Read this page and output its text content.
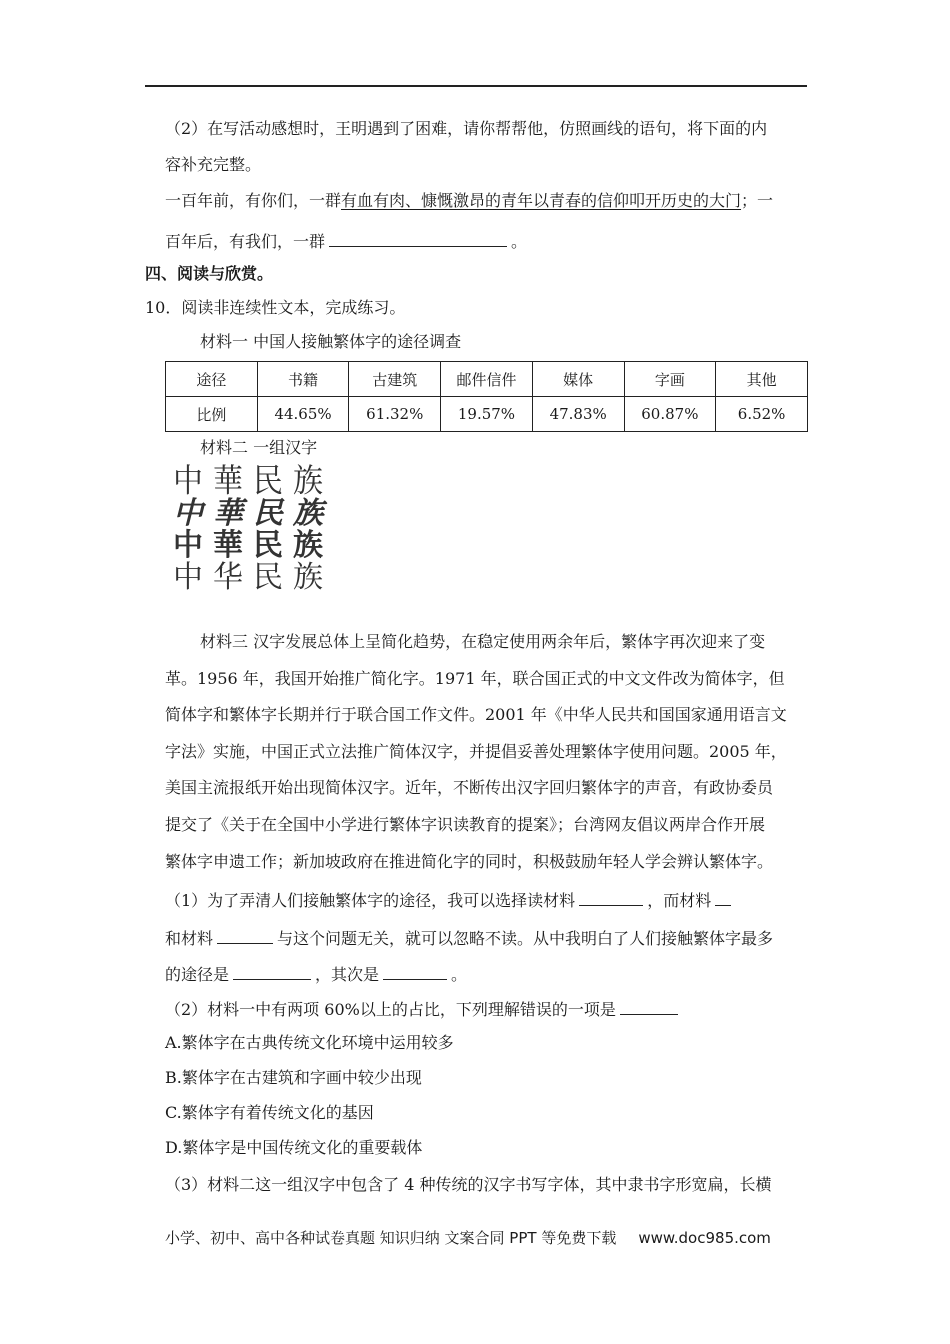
（2）在写活动感想时，王明遇到了困难，请你帮帮他，仿照画线的语句，将下面的内
容补充完整。
一百年前，有你们，一群有血有肉、慷慨激昂的青年以青春的信仰叩开历史的大门；一
百年后，有我们，一群	。
四、阅读与欣赏。
10．阅读非连续性文本，完成练习。
材料一 中国人接触繁体字的途径调查
途径	书籍	古建筑	邮件信件	媒体	字画	其他
比例	44.65%	61.32%	19.57%	47.83%	60.87%	6.52%
材料二 一组汉字
中 華 民 族
中 華 民 族
中 華 民 族
中 华 民 族
材料三 汉字发展总体上呈简化趋势，在稳定使用两余年后，繁体字再次迎来了变
革。1956 年，我国开始推广简化字。1971 年，联合国正式的中文文件改为简体字，但
简体字和繁体字长期并行于联合国工作文件。2001 年《中华人民共和国国家通用语言文
字法》实施，中国正式立法推广简体汉字，并提倡妥善处理繁体字使用问题。2005 年，
美国主流报纸开始出现简体汉字。近年，不断传出汉字回归繁体字的声音，有政协委员
提交了《关于在全国中小学进行繁体字识读教育的提案》；台湾网友倡议两岸合作开展
繁体字申遗工作；新加坡政府在推进简化字的同时，积极鼓励年轻人学会辨认繁体字。
（1）为了弄清人们接触繁体字的途径，我可以选择读材料	，而材料
和材料	与这个问题无关，就可以忽略不读。从中我明白了人们接触繁体字最多
的途径是	，其次是	。
（2）材料一中有两项 60%以上的占比，下列理解错误的一项是
A.繁体字在古典传统文化环境中运用较多
B.繁体字在古建筑和字画中较少出现
C.繁体字有着传统文化的基因
D.繁体字是中国传统文化的重要载体
（3）材料二这一组汉字中包含了 4 种传统的汉字书写字体，其中隶书字形宽扁，长横
小学、初中、高中各种试卷真题 知识归纳 文案合同 PPT 等免费下载 www.doc985.com
